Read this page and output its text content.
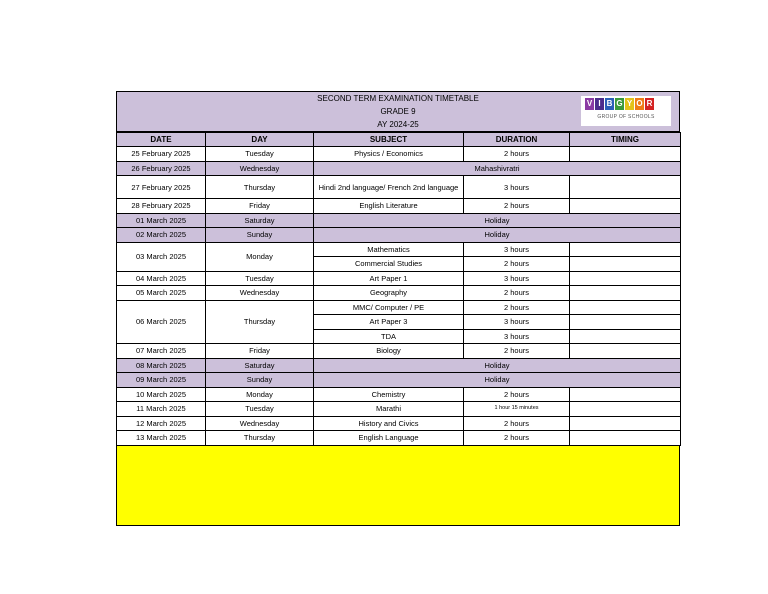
SECOND TERM EXAMINATION TIMETABLE
GRADE 9
AY 2024-25
V I B G Y O R
GROUP OF SCHOOLS
DATE	DAY	SUBJECT	DURATION	TIMING
25 February 2025	Tuesday	Physics / Economics	2 hours	
26 February 2025	Wednesday	Mahashivratri		
27 February 2025	Thursday	Hindi 2nd language/ French 2nd language	3 hours	
28 February 2025	Friday	English Literature	2 hours	
01 March 2025	Saturday	Holiday		
02 March 2025	Sunday	Holiday		
03 March 2025	Monday	Mathematics	3 hours	
		Commercial Studies	2 hours	
04 March 2025	Tuesday	Art Paper 1	3 hours	
05 March 2025	Wednesday	Geography	2 hours	
06 March 2025	Thursday	MMC/ Computer / PE	2 hours	
		Art Paper 3	3 hours	
		TDA	3 hours	
07 March 2025	Friday	Biology	2 hours	
08 March 2025	Saturday	Holiday		
09 March 2025	Sunday	Holiday		
10 March 2025	Monday	Chemistry	2 hours	
11 March 2025	Tuesday	Marathi	1 hour 15 minutes	
12 March 2025	Wednesday	History and Civics	2 hours	
13 March 2025	Thursday	English Language	2 hours	
